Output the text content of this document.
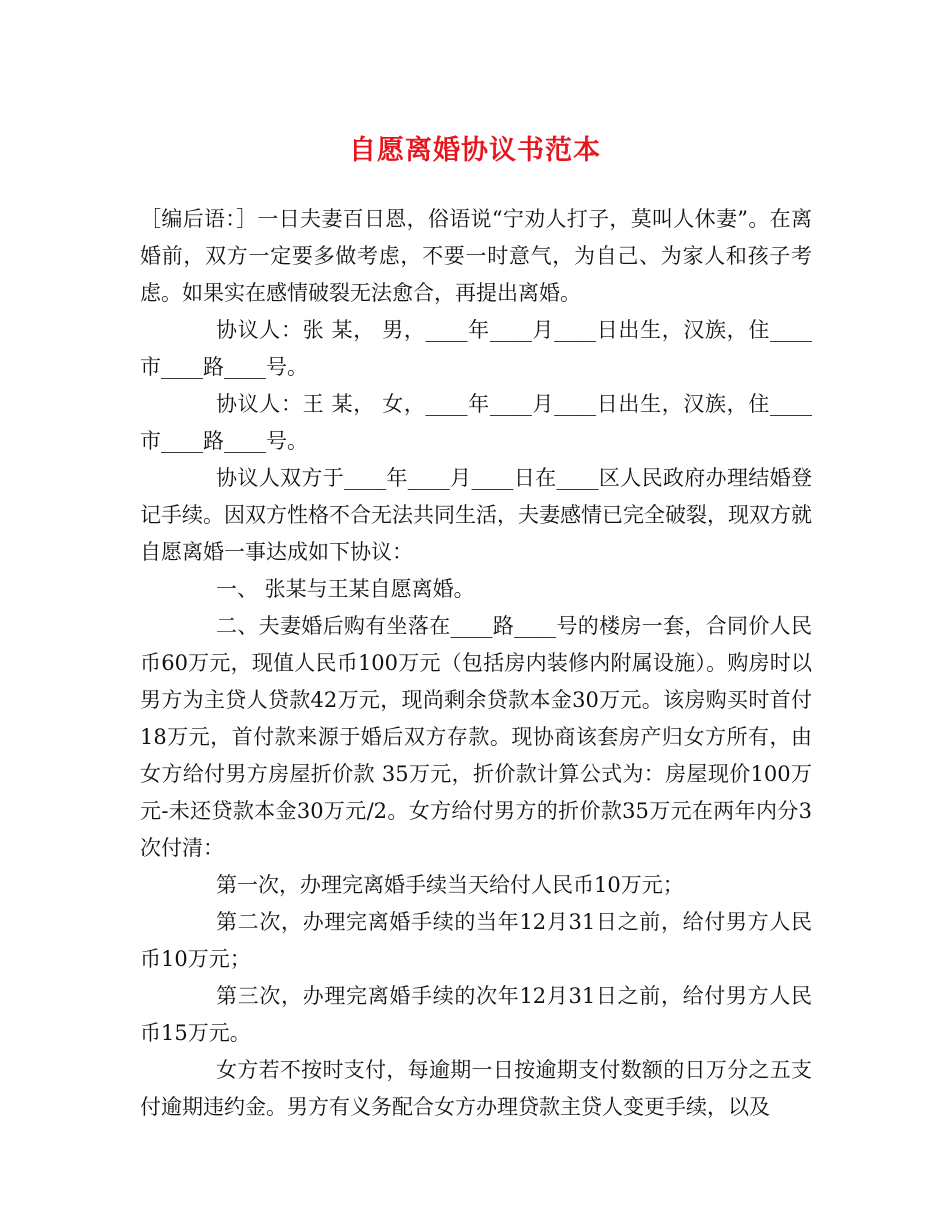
自愿离婚协议书范本

［编后语：］一日夫妻百日恩，俗语说“宁劝人打子，莫叫人休妻”。在离婚前，双方一定要多做考虑，不要一时意气，为自己、为家人和孩子考虑。如果实在感情破裂无法愈合，再提出离婚。

协议人：张 某， 男，____年____月____日出生，汉族，住____市____路____号。

协议人：王 某， 女，____年____月____日出生，汉族，住____市____路____号。

协议人双方于____年____月____日在____区人民政府办理结婚登记手续。因双方性格不合无法共同生活，夫妻感情已完全破裂，现双方就自愿离婚一事达成如下协议：

一、 张某与王某自愿离婚。

二、夫妻婚后购有坐落在____路____号的楼房一套，合同价人民币60万元，现值人民币100万元（包括房内装修内附属设施）。购房时以男方为主贷人贷款42万元，现尚剩余贷款本金30万元。该房购买时首付18万元，首付款来源于婚后双方存款。现协商该套房产归女方所有，由女方给付男方房屋折价款 35万元，折价款计算公式为：房屋现价100万元-未还贷款本金30万元/2。女方给付男方的折价款35万元在两年内分3次付清：

第一次，办理完离婚手续当天给付人民币10万元；

第二次，办理完离婚手续的当年12月31日之前，给付男方人民币10万元；

第三次，办理完离婚手续的次年12月31日之前，给付男方人民币15万元。

女方若不按时支付，每逾期一日按逾期支付数额的日万分之五支付逾期违约金。男方有义务配合女方办理贷款主贷人变更手续，以及
